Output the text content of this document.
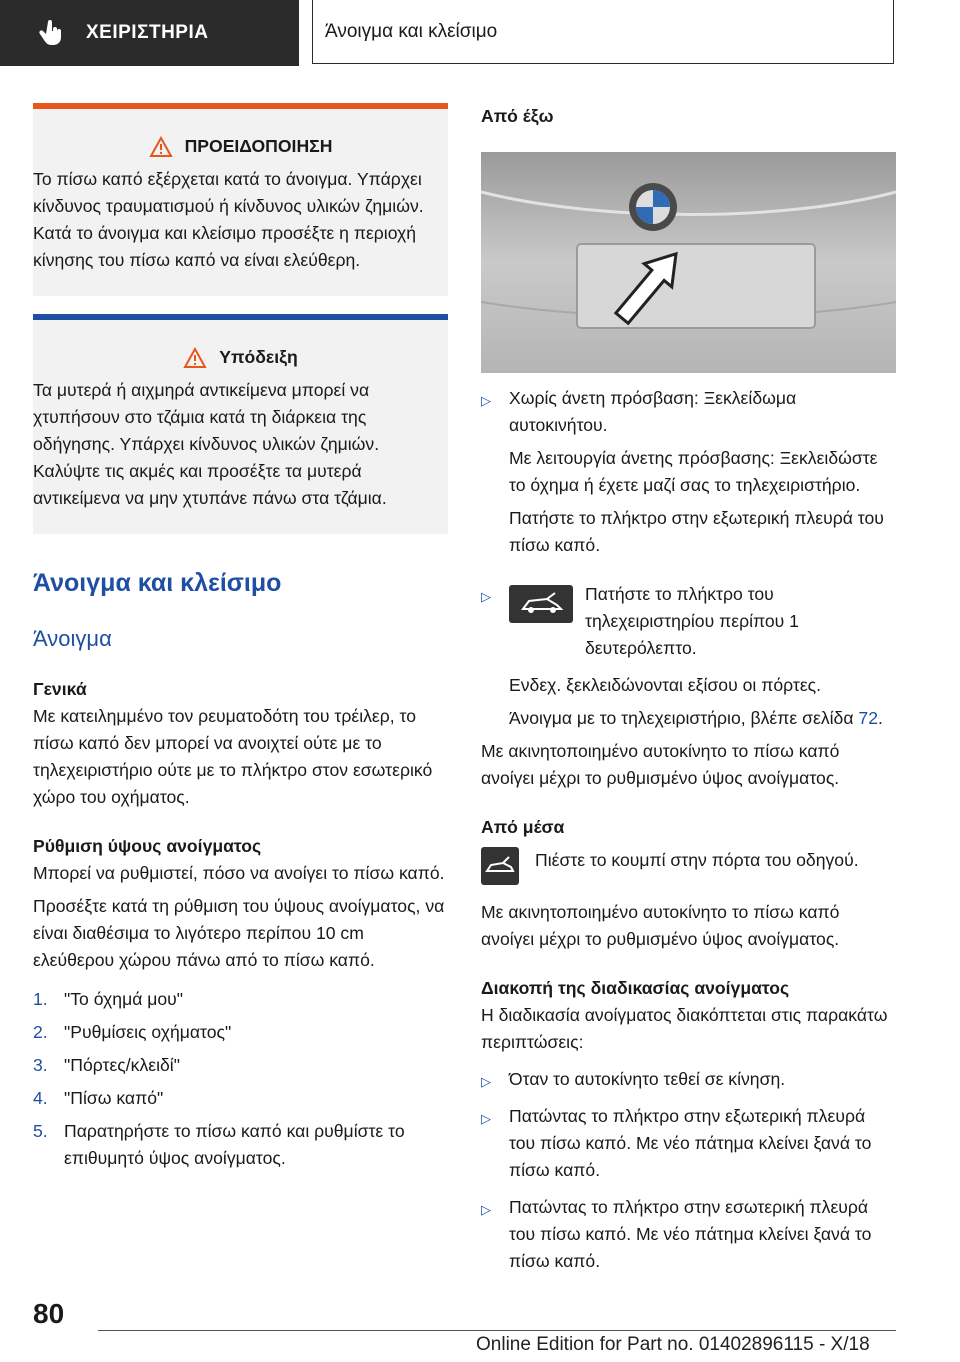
ΧΕΙΡΙΣΤΗΡΙΑ	Άνοιγμα και κλείσιμο
ΠΡΟΕΙΔΟΠΟΙΗΣΗ

Το πίσω καπό εξέρχεται κατά το άνοιγμα. Υπάρχει κίνδυνος τραυματισμού ή κίνδυνος υλικών ζημιών. Κατά το άνοιγμα και κλείσιμο προσέξτε η περιοχή κίνησης του πίσω καπό να είναι ελεύθερη.

Υπόδειξη

Τα μυτερά ή αιχμηρά αντικείμενα μπορεί να χτυπήσουν στο τζάμια κατά τη διάρκεια της οδήγησης. Υπάρχει κίνδυνος υλικών ζημιών. Καλύψτε τις ακμές και προσέξτε τα μυτερά αντικείμενα να μην χτυπάνε πάνω στα τζάμια.

Άνοιγμα και κλείσιμο
Άνοιγμα
Γενικά

Με κατειλημμένο τον ρευματοδότη του τρέιλερ, το πίσω καπό δεν μπορεί να ανοιχτεί ούτε με το τηλεχειριστήριο ούτε με το πλήκτρο στον εσωτερικό χώρο του οχήματος.

Ρύθμιση ύψους ανοίγματος

Μπορεί να ρυθμιστεί, πόσο να ανοίγει το πίσω καπό.

Προσέξτε κατά τη ρύθμιση του ύψους ανοίγματος, να είναι διαθέσιμα το λιγότερο περίπου 10 cm ελεύθερου χώρου πάνω από το πίσω καπό.

1. "Το όχημά μου"
2. "Ρυθμίσεις οχήματος"
3. "Πόρτες/κλειδί"
4. "Πίσω καπό"
5. Παρατηρήστε το πίσω καπό και ρυθμίστε το επιθυμητό ύψος ανοίγματος.
Από έξω
▷	Χωρίς άνετη πρόσβαση: Ξεκλείδωμα αυτοκινήτου.

Με λειτουργία άνετης πρόσβασης: Ξεκλειδώστε το όχημα ή έχετε μαζί σας το τηλεχειριστήριο.

Πατήστε το πλήκτρο στην εξωτερική πλευρά του πίσω καπό.

▷	Πατήστε το πλήκτρο του τηλεχειριστηρίου περίπου 1 δευτερόλεπτο.

Ενδεχ. ξεκλειδώνονται εξίσου οι πόρτες.

Άνοιγμα με το τηλεχειριστήριο, βλέπε σελίδα 72.

Με ακινητοποιημένο αυτοκίνητο το πίσω καπό ανοίγει μέχρι το ρυθμισμένο ύψος ανοίγματος.

Από μέσα

Πιέστε το κουμπί στην πόρτα του οδηγού.

Με ακινητοποιημένο αυτοκίνητο το πίσω καπό ανοίγει μέχρι το ρυθμισμένο ύψος ανοίγματος.

Διακοπή της διαδικασίας ανοίγματος

Η διαδικασία ανοίγματος διακόπτεται στις παρακάτω περιπτώσεις:

▷	Όταν το αυτοκίνητο τεθεί σε κίνηση.

▷	Πατώντας το πλήκτρο στην εξωτερική πλευρά του πίσω καπό. Με νέο πάτημα κλείνει ξανά το πίσω καπό.

▷	Πατώντας το πλήκτρο στην εσωτερική πλευρά του πίσω καπό. Με νέο πάτημα κλείνει ξανά το πίσω καπό.

80
Online Edition for Part no. 01402896115 - X/18
